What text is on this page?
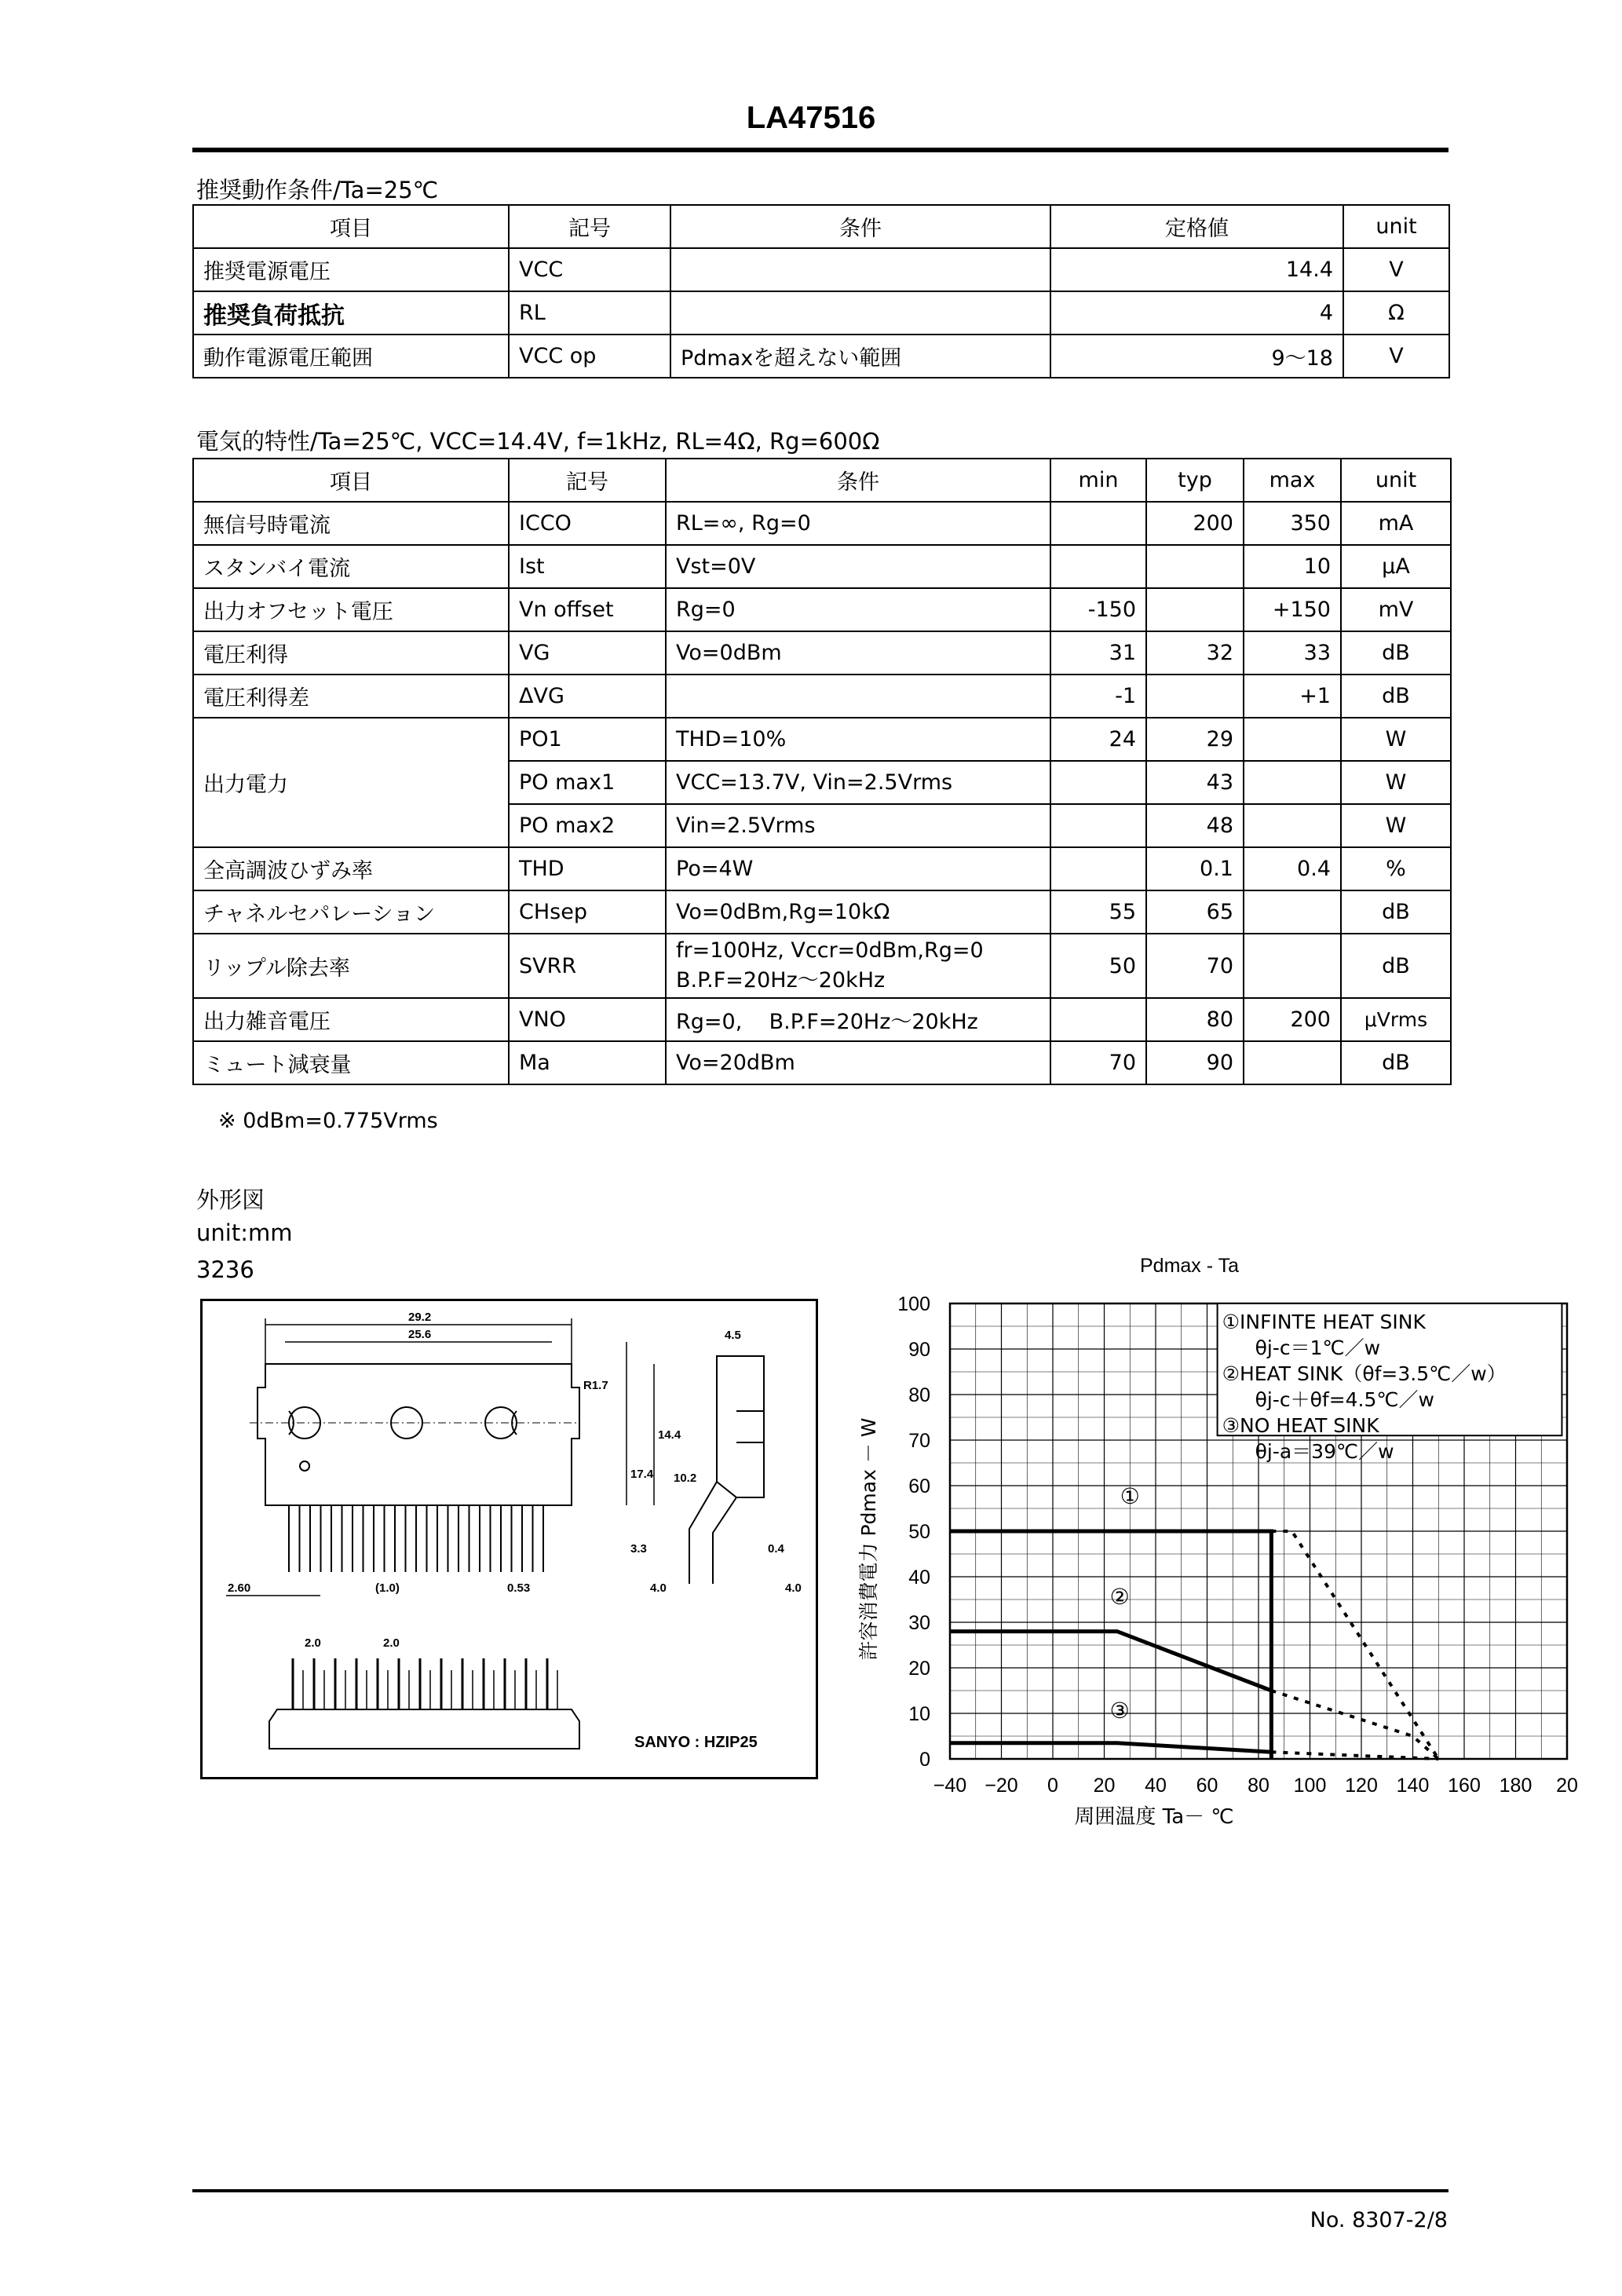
LA47516
推奨動作条件/Ta=25℃
項目	記号	条件	定格値	unit
推奨電源電圧	VCC		14.4	V
推奨負荷抵抗	RL		4	Ω
動作電源電圧範囲	VCC op	Pdmaxを超えない範囲	9～18	V
電気的特性/Ta=25℃, VCC=14.4V, f=1kHz, RL=4Ω, Rg=600Ω
項目	記号	条件	min	typ	max	unit
無信号時電流	ICCO	RL=∞, Rg=0		200	350	mA
スタンバイ電流	Ist	Vst=0V			10	μA
出力オフセット電圧	Vn offset	Rg=0	-150		+150	mV
電圧利得	VG	Vo=0dBm	31	32	33	dB
電圧利得差	ΔVG		-1		+1	dB
出力電力	PO1	THD=10%	24	29		W
	PO max1	VCC=13.7V, Vin=2.5Vrms		43		W
	PO max2	Vin=2.5Vrms		48		W
全高調波ひずみ率	THD	Po=4W		0.1	0.4	%
チャネルセパレーション	CHsep	Vo=0dBm,Rg=10kΩ	55	65		dB
リップル除去率	SVRR	fr=100Hz, Vccr=0dBm,Rg=0
B.P.F=20Hz～20kHz	50	70		dB
出力雑音電圧	VNO	Rg=0,    B.P.F=20Hz～20kHz		80	200	μVrms
ミュート減衰量	Ma	Vo=20dBm	70	90		dB
※ 0dBm=0.775Vrms
外形図
unit:mm
3236
29.2
25.6
R1.7
4.5
17.4
14.4
10.2
3.3	0.4
4.0	4.0
2.60	(1.0)	0.53
2.0	2.0
SANYO : HZIP25
Pdmax - Ta
−40 −20 0 20 40 60 80 100 120 140 160 180 20
0
10
20
30
40
50
60
70
80
90
100
①
②
③
①INFINTE HEAT SINK
θj-c＝1℃／w
②HEAT SINK（θf=3.5℃／w）
θj-c＋θf=4.5℃／w
③NO HEAT SINK
θj-a＝39℃／w
周囲温度 Ta－ ℃
許容消費電力 Pdmax － W
No. 8307-2/8
